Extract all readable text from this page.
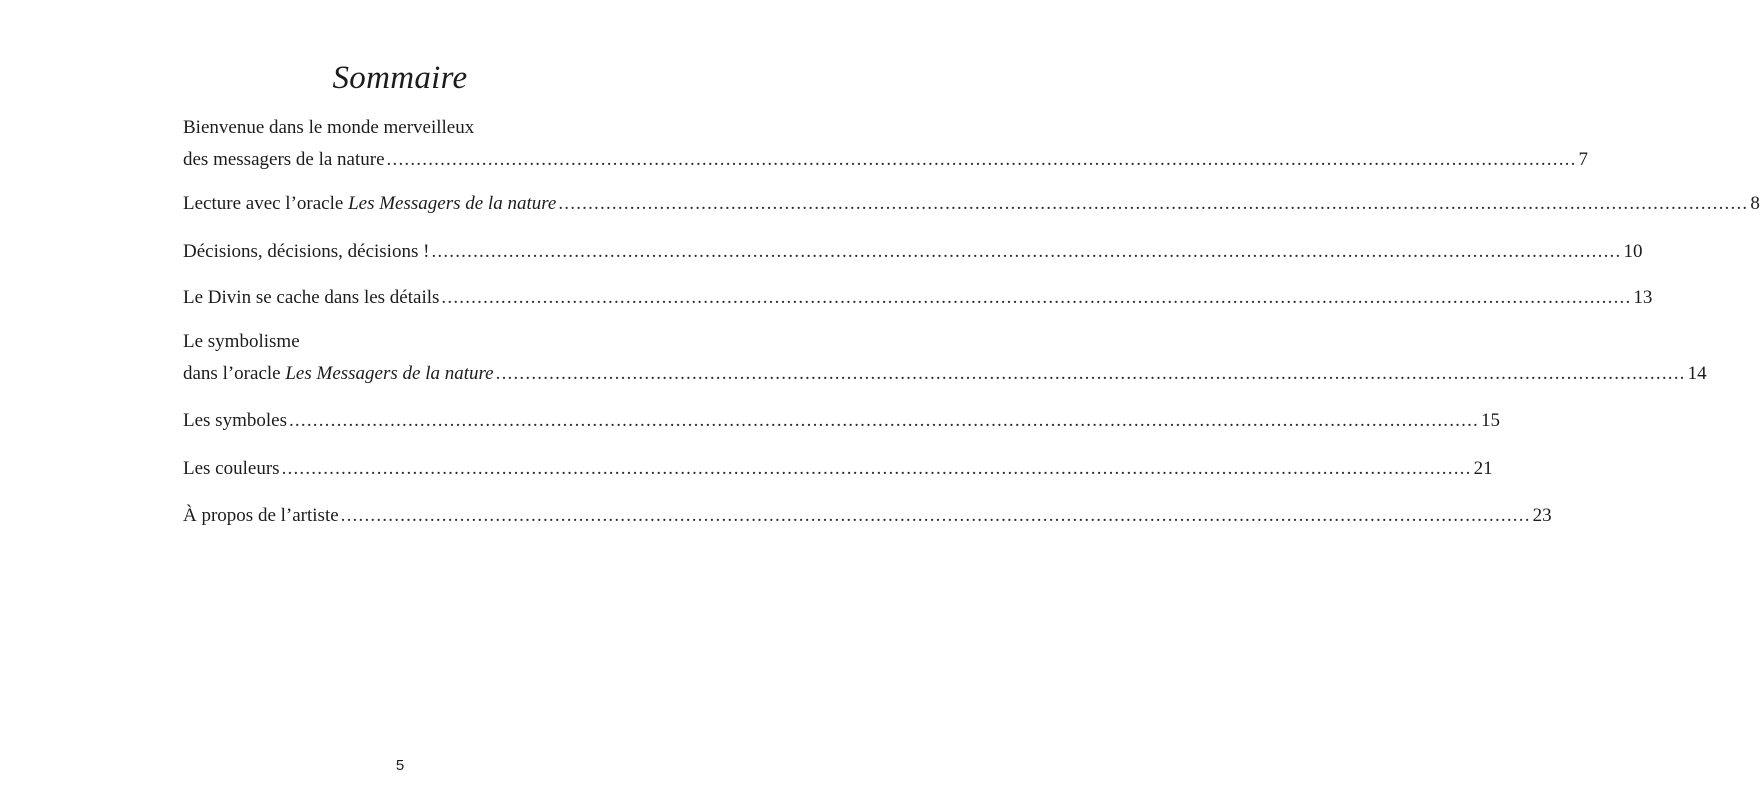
Sommaire
Bienvenue dans le monde merveilleux
des messagers de la nature ........................................................................................................................................................................................................ 7
Lecture avec l’oracle Les Messagers de la nature ........................................................................................................................................................................................................ 8
Décisions, décisions, décisions ! ........................................................................................................................................................................................................ 10
Le Divin se cache dans les détails ........................................................................................................................................................................................................ 13
Le symbolisme
dans l’oracle Les Messagers de la nature ........................................................................................................................................................................................................ 14
Les symboles ........................................................................................................................................................................................................ 15
Les couleurs ........................................................................................................................................................................................................ 21
À propos de l’artiste ........................................................................................................................................................................................................ 23
5
